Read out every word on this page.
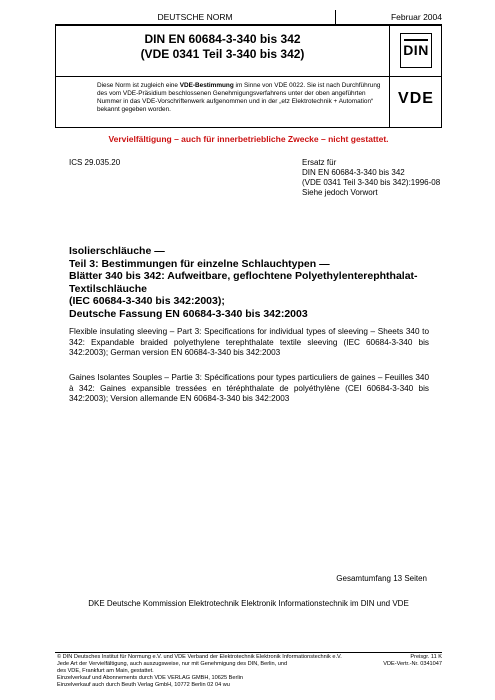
DEUTSCHE NORM	Februar 2004
DIN EN 60684-3-340 bis 342
(VDE 0341 Teil 3-340 bis 342)	DIN
Diese Norm ist zugleich eine VDE-Bestimmung im Sinne von VDE 0022. Sie ist nach Durchführung des vom VDE-Präsidium beschlossenen Genehmigungsverfahrens unter der oben angeführten Nummer in das VDE-Vorschriftenwerk aufgenommen und in der „etz Elektrotechnik + Automation“ bekannt gegeben worden.
VDE
Vervielfältigung – auch für innerbetriebliche Zwecke – nicht gestattet.
ICS 29.035.20	Ersatz für
DIN EN 60684-3-340 bis 342
(VDE 0341 Teil 3-340 bis 342):1996-08
Siehe jedoch Vorwort
Isolierschläuche —
Teil 3: Bestimmungen für einzelne Schlauchtypen —
Blätter 340 bis 342: Aufweitbare, geflochtene Polyethylenterephthalat-
Textilschläuche
(IEC 60684-3-340 bis 342:2003);
Deutsche Fassung EN 60684-3-340 bis 342:2003
Flexible insulating sleeving – Part 3: Specifications for individual types of sleeving – Sheets 340 to 342: Expandable braided polyethylene terephthalate textile sleeving (IEC 60684-3-340 bis 342:2003); German version EN 60684-3-340 bis 342:2003
Gaines Isolantes Souples – Partie 3: Spécifications pour types particuliers de gaines – Feuilles 340 à 342: Gaines expansible tressées en téréphthalate de polyéthylène (CEI 60684-3-340 bis 342:2003); Version allemande EN 60684-3-340 bis 342:2003
Gesamtumfang 13 Seiten
DKE Deutsche Kommission Elektrotechnik Elektronik Informationstechnik im DIN und VDE
© DIN Deutsches Institut für Normung e.V. und VDE Verband der Elektrotechnik Elektronik Informationstechnik e.V.
Jede Art der Vervielfältigung, auch auszugsweise, nur mit Genehmigung des DIN, Berlin, und
des VDE, Frankfurt am Main, gestattet.
Einzelverkauf und Abonnements durch VDE VERLAG GMBH, 10625 Berlin
Einzelverkauf auch durch Beuth Verlag GmbH, 10772 Berlin 02 04 wu
Preisgr. 11 K
VDE-Vertr.-Nr. 0341047
